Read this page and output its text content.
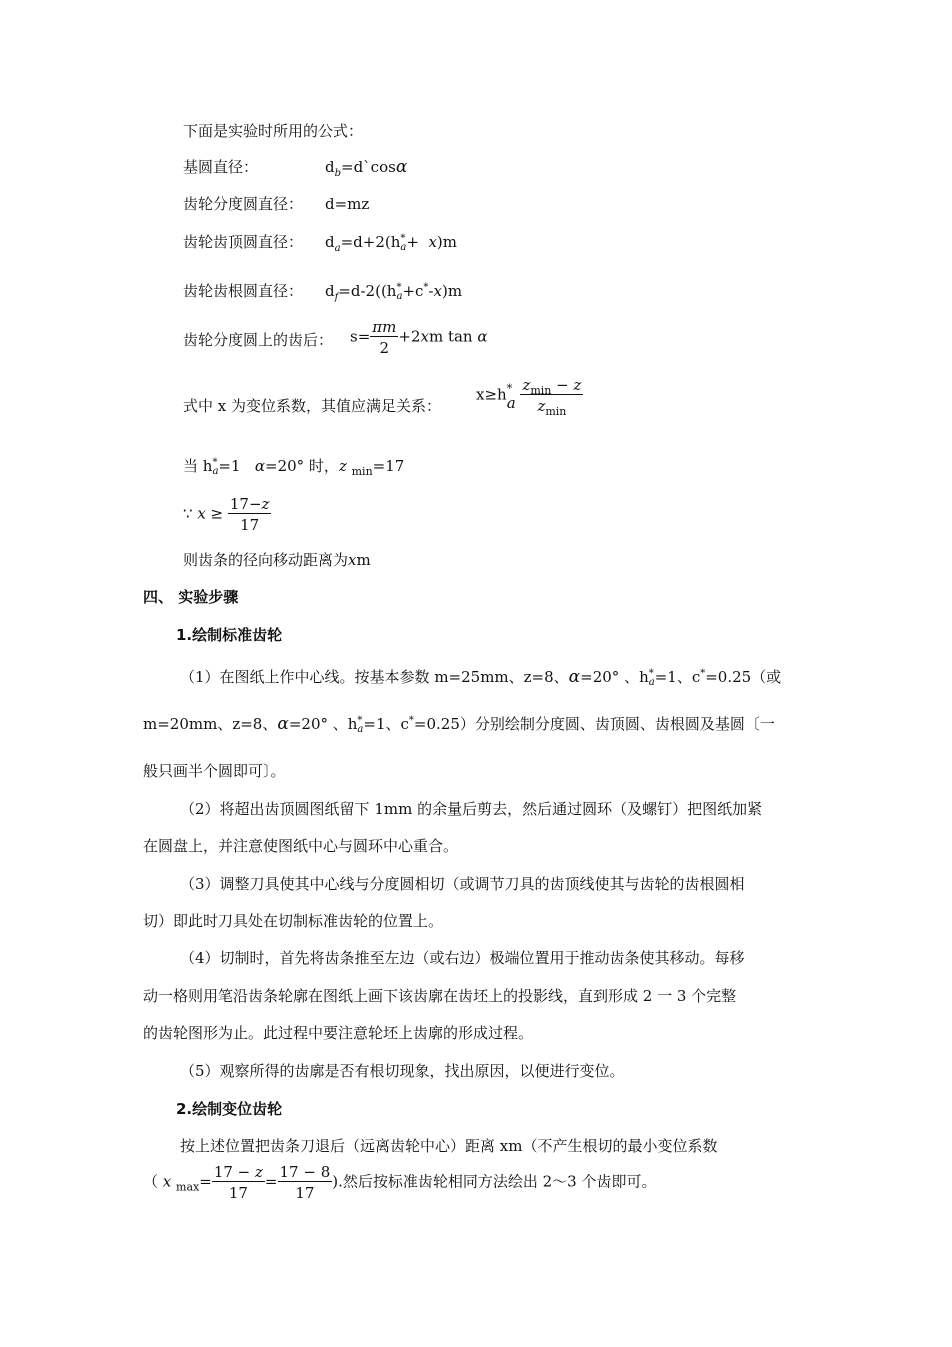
下面是实验时所用的公式：
基圆直径：	$d_b=d`\cos\alpha$
齿轮分度圆直径： d=mz
齿轮齿顶圆直径： $d_a=d+2(h$ *
a +  x)m
齿轮齿根圆直径： $d_f=d-2((h$ *
a +c*-x)m
齿轮分度圆上的齿后： $s= \frac{\pi m}{2} +2xm$ tan α
式中 x 为变位系数，其值应满足关系：
x≥h *
a
$\frac{z_{min} - z}{z_{min}}$
当 h *
a =1 α=20° 时，z $_{min}$=17
∵ $x \ge \frac{17-z}{17}$
则齿条的径向移动距离为xm
四、 实验步骤
1.绘制标准齿轮
（1）在图纸上作中心线。按基本参数 m=25mm、z=8、α=20° 、h *
a =1、c*=0.25（或
m=20mm、z=8、α=20° 、h *
a =1、c*=0.25）分别绘制分度圆、齿顶圆、齿根圆及基圆〔一
般只画半个圆即可〕。
（2）将超出齿顶圆图纸留下 1mm 的余量后剪去，然后通过圆环（及螺钉）把图纸加紧
在圆盘上，并注意使图纸中心与圆环中心重合。
（3）调整刀具使其中心线与分度圆相切（或调节刀具的齿顶线使其与齿轮的齿根圆相
切）即此时刀具处在切制标准齿轮的位置上。
（4）切制时，首先将齿条推至左边（或右边）极端位置用于推动齿条使其移动。每移
动一格则用笔沿齿条轮廓在图纸上画下该齿廓在齿坯上的投影线，直到形成 2 一 3 个完整
的齿轮图形为止。此过程中要注意轮坯上齿廓的形成过程。
（5）观察所得的齿廓是否有根切现象，找出原因，以便进行变位。
2.绘制变位齿轮
按上述位置把齿条刀退后（远离齿轮中心）距离 xm（不产生根切的最小变位系数
（ x $_{max}= \frac{17 - z}{17} = \frac{17 - 8}{17}$ ).然后按标准齿轮相同方法绘出 2～3 个齿即可。
